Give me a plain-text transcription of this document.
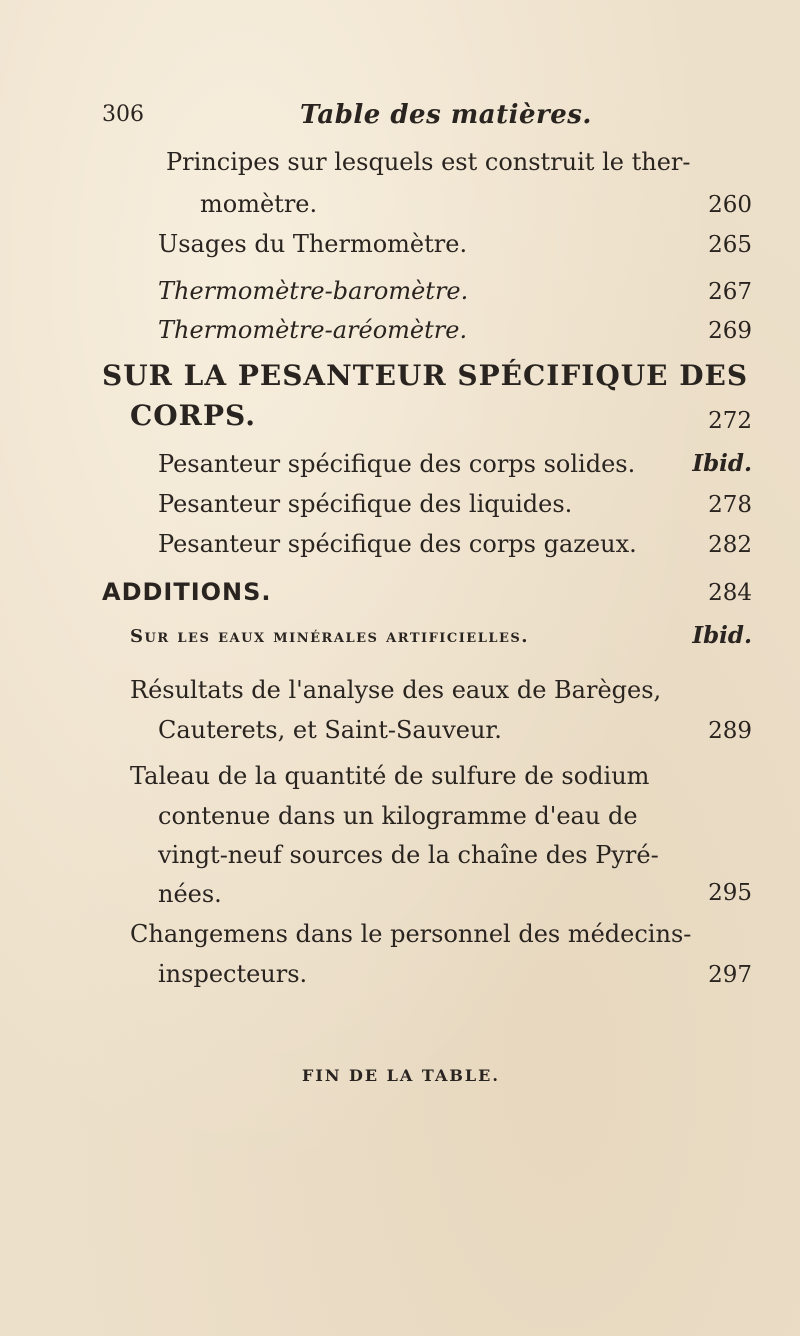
306	Table des matières.
Principes sur lesquels est construit le ther-
momètre.	260
Usages du Thermomètre.	265
Thermomètre-baromètre.	267
Thermomètre-aréomètre.	269
SUR LA PESANTEUR SPÉCIFIQUE DES
CORPS.	272
Pesanteur spécifique des corps solides. Ibid.
Pesanteur spécifique des liquides.	278
Pesanteur spécifique des corps gazeux.	282
ADDITIONS.	284
Sur les eaux minérales artificielles.	Ibid.
Résultats de l'analyse des eaux de Barèges,
Cauterets, et Saint-Sauveur.	289
Taleau de la quantité de sulfure de sodium
contenue dans un kilogramme d'eau de
vingt-neuf sources de la chaîne des Pyré-
nées.	295
Changemens dans le personnel des médecins-
inspecteurs.	297
FIN DE LA TABLE.
